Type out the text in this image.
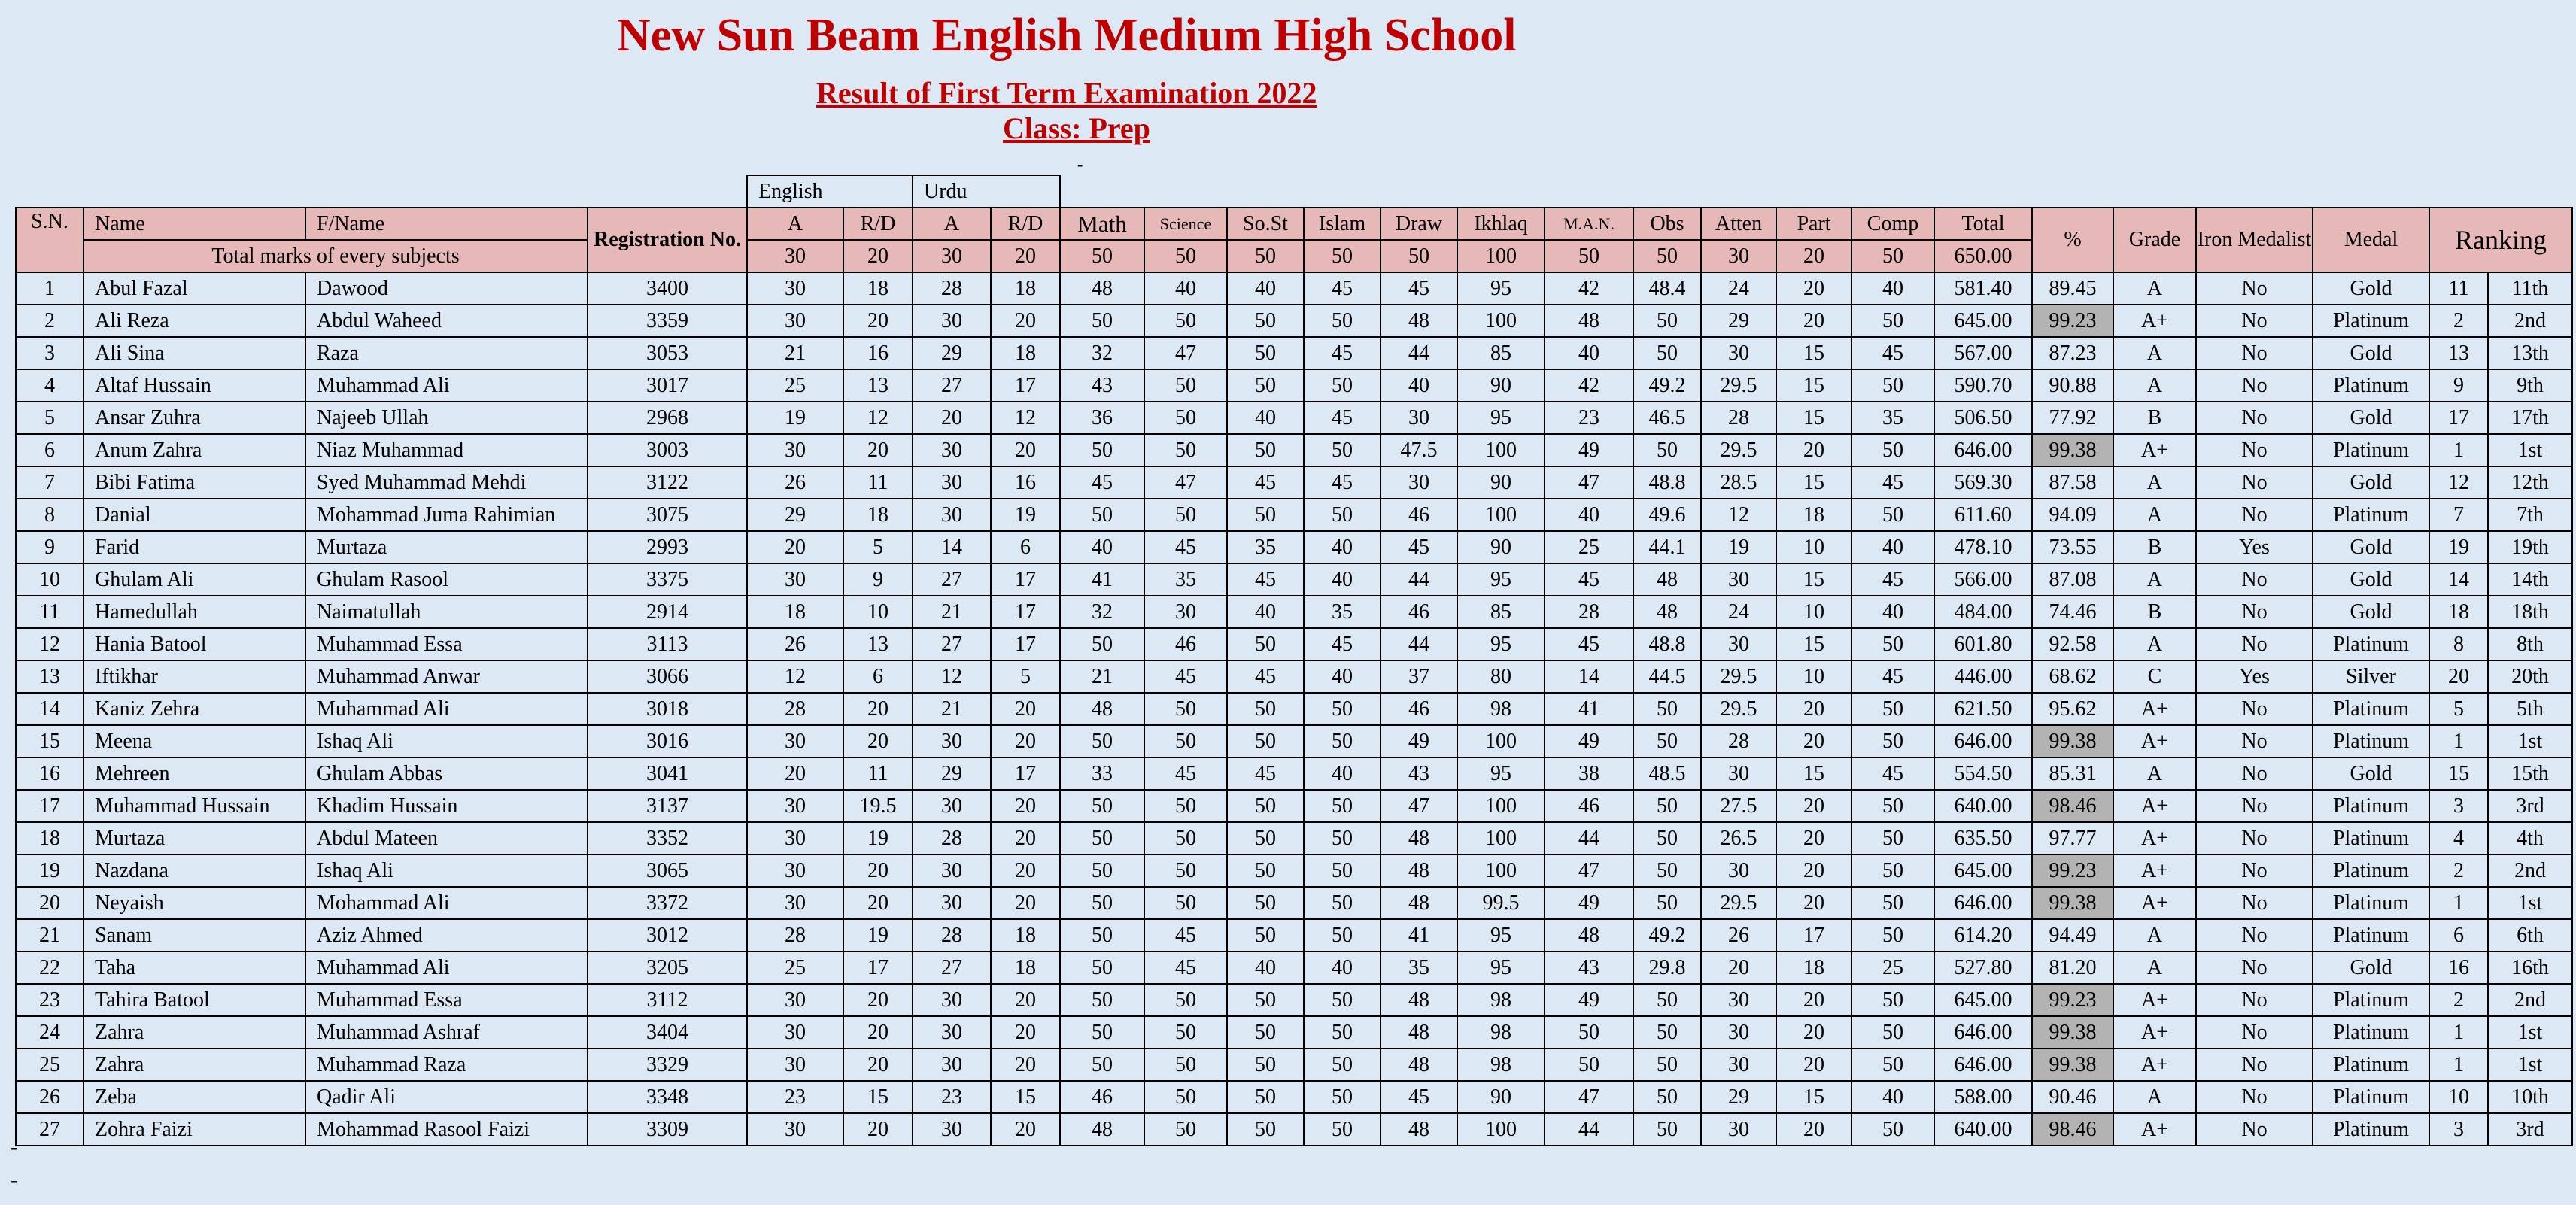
New Sun Beam English Medium High School
Result of First Term Examination 2022
Class: Prep
-
-
-
				English		Urdu																			
S.N.	Name	F/Name	Registration No.	A	R/D	A	R/D	Math	Science	So.St	Islam	Draw	Ikhlaq	M.A.N.	Obs	Atten	Part	Comp	Total	%	Grade	Iron Medalist	Medal	Ranking	
	Total marks of every subjects			30	20	30	20	50	50	50	50	50	100	50	50	30	20	50	650.00						
1	Abul Fazal	Dawood	3400	30	18	28	18	48	40	40	45	45	95	42	48.4	24	20	40	581.40	89.45	A	No	Gold	11	11th
2	Ali Reza	Abdul Waheed	3359	30	20	30	20	50	50	50	50	48	100	48	50	29	20	50	645.00	99.23	A+	No	Platinum	2	2nd
3	Ali Sina	Raza	3053	21	16	29	18	32	47	50	45	44	85	40	50	30	15	45	567.00	87.23	A	No	Gold	13	13th
4	Altaf Hussain	Muhammad Ali	3017	25	13	27	17	43	50	50	50	40	90	42	49.2	29.5	15	50	590.70	90.88	A	No	Platinum	9	9th
5	Ansar Zuhra	Najeeb Ullah	2968	19	12	20	12	36	50	40	45	30	95	23	46.5	28	15	35	506.50	77.92	B	No	Gold	17	17th
6	Anum Zahra	Niaz Muhammad	3003	30	20	30	20	50	50	50	50	47.5	100	49	50	29.5	20	50	646.00	99.38	A+	No	Platinum	1	1st
7	Bibi Fatima	Syed Muhammad Mehdi	3122	26	11	30	16	45	47	45	45	30	90	47	48.8	28.5	15	45	569.30	87.58	A	No	Gold	12	12th
8	Danial	Mohammad Juma Rahimian	3075	29	18	30	19	50	50	50	50	46	100	40	49.6	12	18	50	611.60	94.09	A	No	Platinum	7	7th
9	Farid	Murtaza	2993	20	5	14	6	40	45	35	40	45	90	25	44.1	19	10	40	478.10	73.55	B	Yes	Gold	19	19th
10	Ghulam Ali	Ghulam Rasool	3375	30	9	27	17	41	35	45	40	44	95	45	48	30	15	45	566.00	87.08	A	No	Gold	14	14th
11	Hamedullah	Naimatullah	2914	18	10	21	17	32	30	40	35	46	85	28	48	24	10	40	484.00	74.46	B	No	Gold	18	18th
12	Hania Batool	Muhammad Essa	3113	26	13	27	17	50	46	50	45	44	95	45	48.8	30	15	50	601.80	92.58	A	No	Platinum	8	8th
13	Iftikhar	Muhammad Anwar	3066	12	6	12	5	21	45	45	40	37	80	14	44.5	29.5	10	45	446.00	68.62	C	Yes	Silver	20	20th
14	Kaniz Zehra	Muhammad Ali	3018	28	20	21	20	48	50	50	50	46	98	41	50	29.5	20	50	621.50	95.62	A+	No	Platinum	5	5th
15	Meena	Ishaq Ali	3016	30	20	30	20	50	50	50	50	49	100	49	50	28	20	50	646.00	99.38	A+	No	Platinum	1	1st
16	Mehreen	Ghulam Abbas	3041	20	11	29	17	33	45	45	40	43	95	38	48.5	30	15	45	554.50	85.31	A	No	Gold	15	15th
17	Muhammad Hussain	Khadim Hussain	3137	30	19.5	30	20	50	50	50	50	47	100	46	50	27.5	20	50	640.00	98.46	A+	No	Platinum	3	3rd
18	Murtaza	Abdul Mateen	3352	30	19	28	20	50	50	50	50	48	100	44	50	26.5	20	50	635.50	97.77	A+	No	Platinum	4	4th
19	Nazdana	Ishaq Ali	3065	30	20	30	20	50	50	50	50	48	100	47	50	30	20	50	645.00	99.23	A+	No	Platinum	2	2nd
20	Neyaish	Mohammad Ali	3372	30	20	30	20	50	50	50	50	48	99.5	49	50	29.5	20	50	646.00	99.38	A+	No	Platinum	1	1st
21	Sanam	Aziz Ahmed	3012	28	19	28	18	50	45	50	50	41	95	48	49.2	26	17	50	614.20	94.49	A	No	Platinum	6	6th
22	Taha	Muhammad Ali	3205	25	17	27	18	50	45	40	40	35	95	43	29.8	20	18	25	527.80	81.20	A	No	Gold	16	16th
23	Tahira Batool	Muhammad Essa	3112	30	20	30	20	50	50	50	50	48	98	49	50	30	20	50	645.00	99.23	A+	No	Platinum	2	2nd
24	Zahra	Muhammad Ashraf	3404	30	20	30	20	50	50	50	50	48	98	50	50	30	20	50	646.00	99.38	A+	No	Platinum	1	1st
25	Zahra	Muhammad Raza	3329	30	20	30	20	50	50	50	50	48	98	50	50	30	20	50	646.00	99.38	A+	No	Platinum	1	1st
26	Zeba	Qadir Ali	3348	23	15	23	15	46	50	50	50	45	90	47	50	29	15	40	588.00	90.46	A	No	Platinum	10	10th
27	Zohra Faizi	Mohammad Rasool Faizi	3309	30	20	30	20	48	50	50	50	48	100	44	50	30	20	50	640.00	98.46	A+	No	Platinum	3	3rd
